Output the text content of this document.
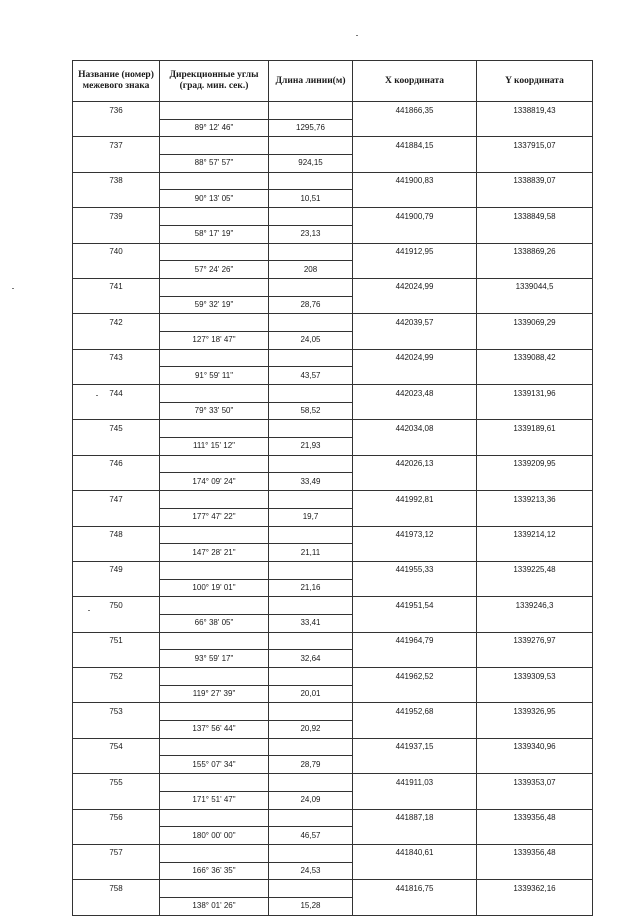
Название (номер) межевого знака	Дирекционные углы (град. мин. сек.)	Длина линии(м)	X координата	Y координата
736			441866,35	1338819,43
	89° 12' 46"	1295,76		
737			441884,15	1337915,07
	88° 57' 57"	924,15		
738			441900,83	1338839,07
	90° 13' 05"	10,51		
739			441900,79	1338849,58
	58° 17' 19"	23,13		
740			441912,95	1338869,26
	57° 24' 26"	208		
741			442024,99	1339044,5
	59° 32' 19"	28,76		
742			442039,57	1339069,29
	127° 18' 47"	24,05		
743			442024,99	1339088,42
	91° 59' 11"	43,57		
744			442023,48	1339131,96
	79° 33' 50"	58,52		
745			442034,08	1339189,61
	111° 15' 12"	21,93		
746			442026,13	1339209,95
	174° 09' 24"	33,49		
747			441992,81	1339213,36
	177° 47' 22"	19,7		
748			441973,12	1339214,12
	147° 28' 21"	21,11		
749			441955,33	1339225,48
	100° 19' 01"	21,16		
750			441951,54	1339246,3
	66° 38' 05"	33,41		
751			441964,79	1339276,97
	93° 59' 17"	32,64		
752			441962,52	1339309,53
	119° 27' 39"	20,01		
753			441952,68	1339326,95
	137° 56' 44"	20,92		
754			441937,15	1339340,96
	155° 07' 34"	28,79		
755			441911,03	1339353,07
	171° 51' 47"	24,09		
756			441887,18	1339356,48
	180° 00' 00"	46,57		
757			441840,61	1339356,48
	166° 36' 35"	24,53		
758			441816,75	1339362,16
	138° 01' 26"	15,28		
